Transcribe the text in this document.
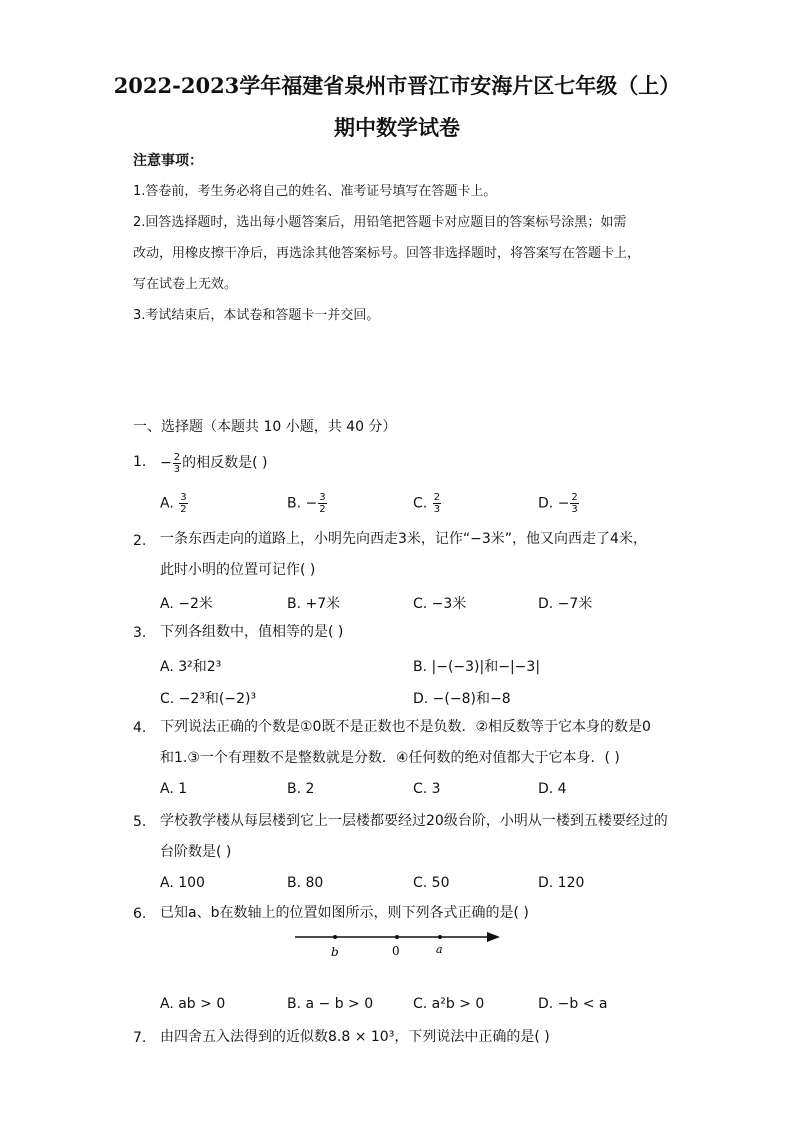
2022-2023学年福建省泉州市晋江市安海片区七年级（上）
期中数学试卷
注意事项：
1.答卷前，考生务必将自己的姓名、准考证号填写在答题卡上。
2.回答选择题时，选出每小题答案后，用铅笔把答题卡对应题目的答案标号涂黑；如需
改动，用橡皮擦干净后，再选涂其他答案标号。回答非选择题时，将答案写在答题卡上，
写在试卷上无效。
3.考试结束后，本试卷和答题卡一并交回。
一、选择题（本题共 10 小题，共 40 分）
1. − $\frac{2}{3}$ 的相反数是( )
A. $\frac{3}{2}$	B. − $\frac{3}{2}$	C. $\frac{2}{3}$	D. − $\frac{2}{3}$
2. 一条东西走向的道路上，小明先向西走3米，记作“−3米”，他又向西走了4米，
此时小明的位置可记作( )
A. −2米	B. +7米	C. −3米	D. −7米
3. 下列各组数中，值相等的是( )
A. 3²和2³	B. |−(−3)|和−|−3|
C. −2³和(−2)³	D. −(−8)和−8
4. 下列说法正确的个数是①0既不是正数也不是负数．②相反数等于它本身的数是0
和1.③一个有理数不是整数就是分数．④任何数的绝对值都大于它本身．( )
A. 1	B. 2	C. 3	D. 4
5. 学校教学楼从每层楼到它上一层楼都要经过20级台阶，小明从一楼到五楼要经过的
台阶数是( )
A. 100	B. 80	C. 50	D. 120
6. 已知a、b在数轴上的位置如图所示，则下列各式正确的是( )
b	0	a
A. ab > 0	B. a − b > 0	C. a²b > 0	D. −b < a
7. 由四舍五入法得到的近似数8.8 × 10³，下列说法中正确的是( )
